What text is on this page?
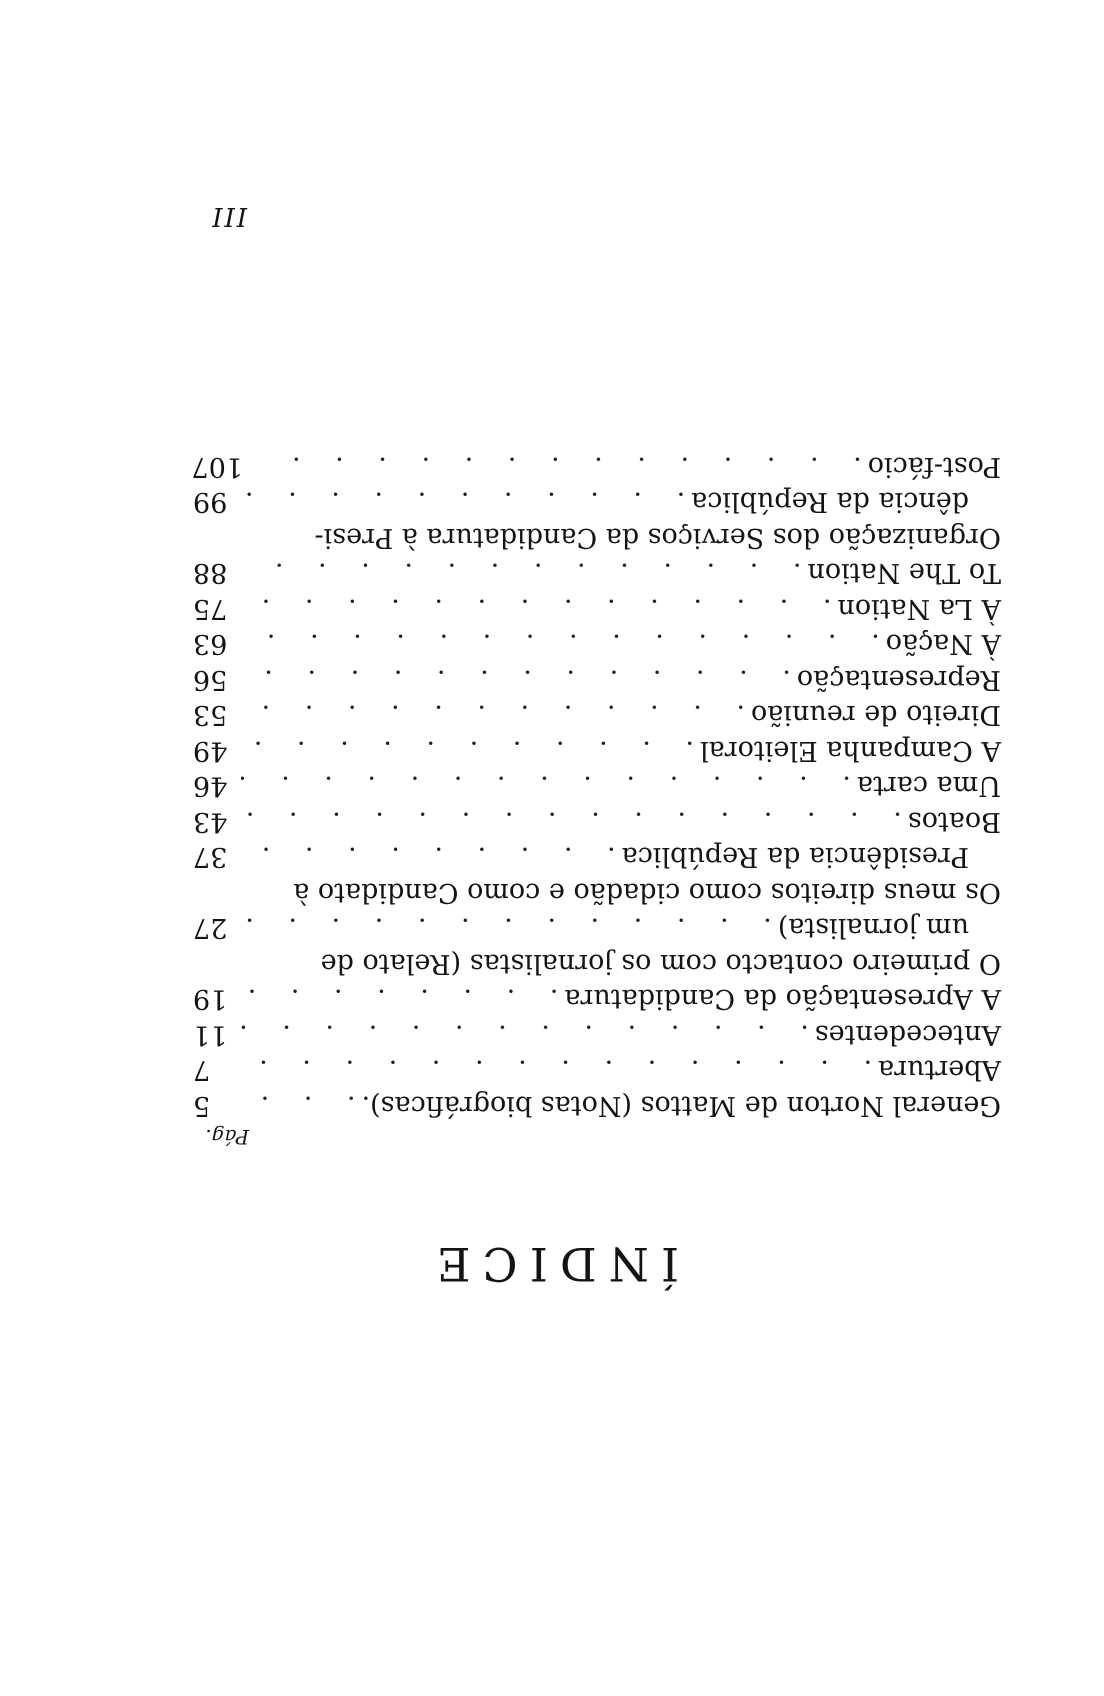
ÍNDICE
Pág.
General Norton de Mattos (Notas biográficas).
. . .
5
Abertura
. . .
7
Antecedentes
. . .
11
A Apresentação da Candidatura
. . .
19
O primeiro contacto com os jornalistas (Relato de
um jornalista)
. . .
27
Os meus direitos como cidadão e como Candidato à
Presidência da República
. . .
37
Boatos
. . .
43
Uma carta
. . .
46
A Campanha Eleitoral
. . .
49
Direito de reunião
. . .
53
Representação
. . .
56
À Nação
. . .
63
À La Nation
. . .
75
To The Nation
. . .
88
Organização dos Serviços da Candidatura à Presi-
dência da República
. . .
99
Post-fácio
. . .
107
III
